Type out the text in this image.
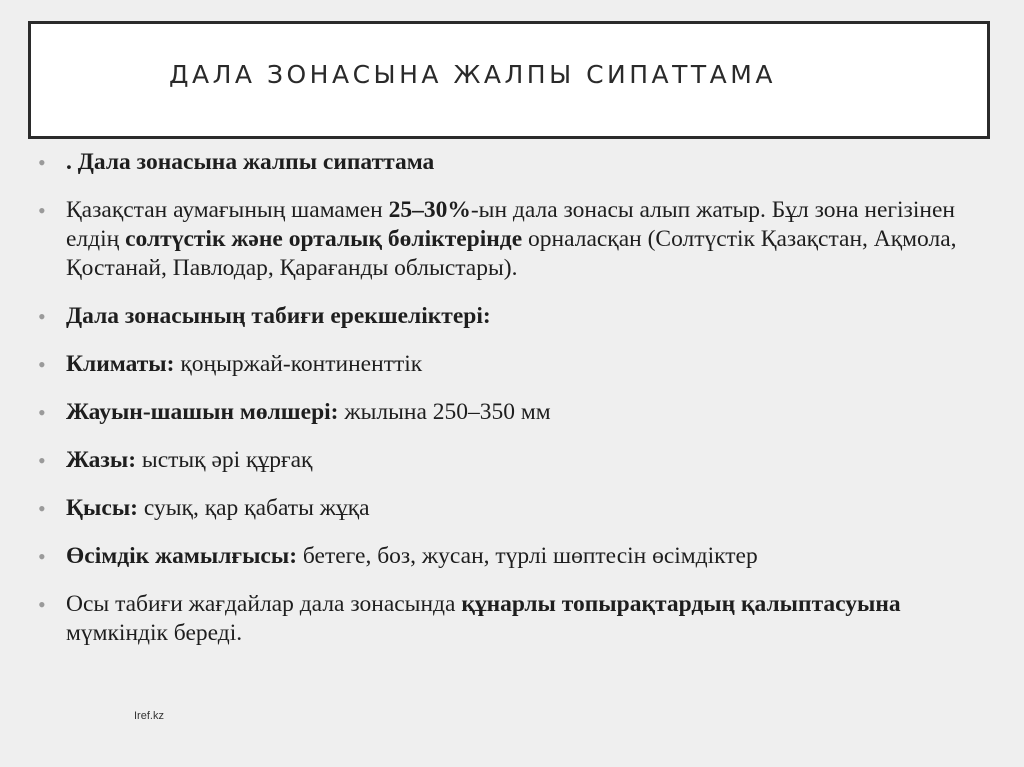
ДАЛА ЗОНАСЫНА ЖАЛПЫ СИПАТТАМА
• . Дала зонасына жалпы сипаттама
• Қазақстан аумағының шамамен 25–30%-ын дала зонасы алып жатыр. Бұл зона негізінен елдің солтүстік және орталық бөліктерінде орналасқан (Солтүстік Қазақстан, Ақмола, Қостанай, Павлодар, Қарағанды облыстары).
• Дала зонасының табиғи ерекшеліктері:
• Климаты: қоңыржай-континенттік
• Жауын-шашын мөлшері: жылына 250–350 мм
• Жазы: ыстық әрі құрғақ
• Қысы: суық, қар қабаты жұқа
• Өсімдік жамылғысы: бетеге, боз, жусан, түрлі шөптесін өсімдіктер
• Осы табиғи жағдайлар дала зонасында құнарлы топырақтардың қалыптасуына мүмкіндік береді.
Iref.kz
